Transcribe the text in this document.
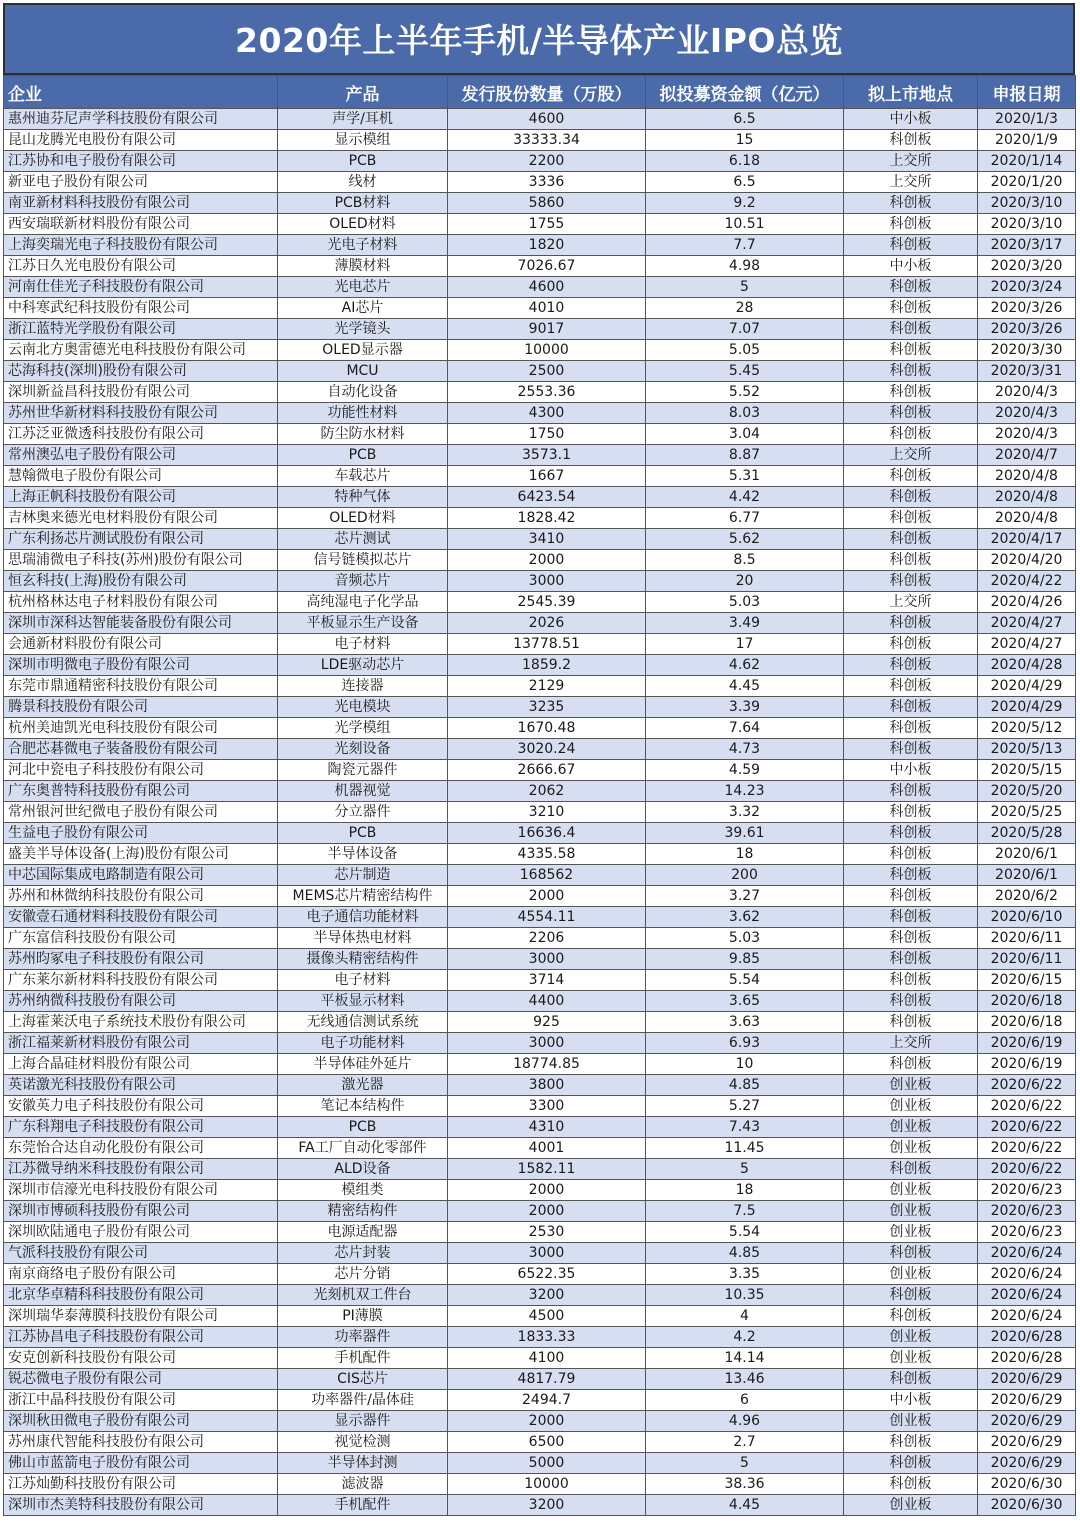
2020年上半年手机/半导体产业IPO总览
企业	产品	发行股份数量（万股）	拟投募资金额（亿元）	拟上市地点	申报日期
惠州迪芬尼声学科技股份有限公司	声学/耳机	4600	6.5	中小板	2020/1/3
昆山龙腾光电股份有限公司	显示模组	33333.34	15	科创板	2020/1/9
江苏协和电子股份有限公司	PCB	2200	6.18	上交所	2020/1/14
新亚电子股份有限公司	线材	3336	6.5	上交所	2020/1/20
南亚新材料科技股份有限公司	PCB材料	5860	9.2	科创板	2020/3/10
西安瑞联新材料股份有限公司	OLED材料	1755	10.51	科创板	2020/3/10
上海奕瑞光电子科技股份有限公司	光电子材料	1820	7.7	科创板	2020/3/17
江苏日久光电股份有限公司	薄膜材料	7026.67	4.98	中小板	2020/3/20
河南仕佳光子科技股份有限公司	光电芯片	4600	5	科创板	2020/3/24
中科寒武纪科技股份有限公司	AI芯片	4010	28	科创板	2020/3/26
浙江蓝特光学股份有限公司	光学镜头	9017	7.07	科创板	2020/3/26
云南北方奥雷德光电科技股份有限公司	OLED显示器	10000	5.05	科创板	2020/3/30
芯海科技(深圳)股份有限公司	MCU	2500	5.45	科创板	2020/3/31
深圳新益昌科技股份有限公司	自动化设备	2553.36	5.52	科创板	2020/4/3
苏州世华新材料科技股份有限公司	功能性材料	4300	8.03	科创板	2020/4/3
江苏泛亚微透科技股份有限公司	防尘防水材料	1750	3.04	科创板	2020/4/3
常州澳弘电子股份有限公司	PCB	3573.1	8.87	上交所	2020/4/7
慧翰微电子股份有限公司	车载芯片	1667	5.31	科创板	2020/4/8
上海正帆科技股份有限公司	特种气体	6423.54	4.42	科创板	2020/4/8
吉林奥来德光电材料股份有限公司	OLED材料	1828.42	6.77	科创板	2020/4/8
广东利扬芯片测试股份有限公司	芯片测试	3410	5.62	科创板	2020/4/17
思瑞浦微电子科技(苏州)股份有限公司	信号链模拟芯片	2000	8.5	科创板	2020/4/20
恒玄科技(上海)股份有限公司	音频芯片	3000	20	科创板	2020/4/22
杭州格林达电子材料股份有限公司	高纯湿电子化学品	2545.39	5.03	上交所	2020/4/26
深圳市深科达智能装备股份有限公司	平板显示生产设备	2026	3.49	科创板	2020/4/27
会通新材料股份有限公司	电子材料	13778.51	17	科创板	2020/4/27
深圳市明微电子股份有限公司	LDE驱动芯片	1859.2	4.62	科创板	2020/4/28
东莞市鼎通精密科技股份有限公司	连接器	2129	4.45	科创板	2020/4/29
腾景科技股份有限公司	光电模块	3235	3.39	科创板	2020/4/29
杭州美迪凯光电科技股份有限公司	光学模组	1670.48	7.64	科创板	2020/5/12
合肥芯碁微电子装备股份有限公司	光刻设备	3020.24	4.73	科创板	2020/5/13
河北中瓷电子科技股份有限公司	陶瓷元器件	2666.67	4.59	中小板	2020/5/15
广东奥普特科技股份有限公司	机器视觉	2062	14.23	科创板	2020/5/20
常州银河世纪微电子股份有限公司	分立器件	3210	3.32	科创板	2020/5/25
生益电子股份有限公司	PCB	16636.4	39.61	科创板	2020/5/28
盛美半导体设备(上海)股份有限公司	半导体设备	4335.58	18	科创板	2020/6/1
中芯国际集成电路制造有限公司	芯片制造	168562	200	科创板	2020/6/1
苏州和林微纳科技股份有限公司	MEMS芯片精密结构件	2000	3.27	科创板	2020/6/2
安徽壹石通材料科技股份有限公司	电子通信功能材料	4554.11	3.62	科创板	2020/6/10
广东富信科技股份有限公司	半导体热电材料	2206	5.03	科创板	2020/6/11
苏州昀冢电子科技股份有限公司	摄像头精密结构件	3000	9.85	科创板	2020/6/11
广东莱尔新材料科技股份有限公司	电子材料	3714	5.54	科创板	2020/6/15
苏州纳微科技股份有限公司	平板显示材料	4400	3.65	科创板	2020/6/18
上海霍莱沃电子系统技术股份有限公司	无线通信测试系统	925	3.63	科创板	2020/6/18
浙江福莱新材料股份有限公司	电子功能材料	3000	6.93	上交所	2020/6/19
上海合晶硅材料股份有限公司	半导体硅外延片	18774.85	10	科创板	2020/6/19
英诺激光科技股份有限公司	激光器	3800	4.85	创业板	2020/6/22
安徽英力电子科技股份有限公司	笔记本结构件	3300	5.27	创业板	2020/6/22
广东科翔电子科技股份有限公司	PCB	4310	7.43	创业板	2020/6/22
东莞怡合达自动化股份有限公司	FA工厂自动化零部件	4001	11.45	创业板	2020/6/22
江苏微导纳米科技股份有限公司	ALD设备	1582.11	5	科创板	2020/6/22
深圳市信濠光电科技股份有限公司	模组类	2000	18	创业板	2020/6/23
深圳市博硕科技股份有限公司	精密结构件	2000	7.5	创业板	2020/6/23
深圳欧陆通电子股份有限公司	电源适配器	2530	5.54	创业板	2020/6/23
气派科技股份有限公司	芯片封装	3000	4.85	科创板	2020/6/24
南京商络电子股份有限公司	芯片分销	6522.35	3.35	创业板	2020/6/24
北京华卓精科科技股份有限公司	光刻机双工件台	3200	10.35	科创板	2020/6/24
深圳瑞华泰薄膜科技股份有限公司	PI薄膜	4500	4	科创板	2020/6/24
江苏协昌电子科技股份有限公司	功率器件	1833.33	4.2	创业板	2020/6/28
安克创新科技股份有限公司	手机配件	4100	14.14	创业板	2020/6/28
锐芯微电子股份有限公司	CIS芯片	4817.79	13.46	科创板	2020/6/29
浙江中晶科技股份有限公司	功率器件/晶体硅	2494.7	6	中小板	2020/6/29
深圳秋田微电子股份有限公司	显示器件	2000	4.96	创业板	2020/6/29
苏州康代智能科技股份有限公司	视觉检测	6500	2.7	科创板	2020/6/29
佛山市蓝箭电子股份有限公司	半导体封测	5000	5	科创板	2020/6/29
江苏灿勤科技股份有限公司	滤波器	10000	38.36	科创板	2020/6/30
深圳市杰美特科技股份有限公司	手机配件	3200	4.45	创业板	2020/6/30
